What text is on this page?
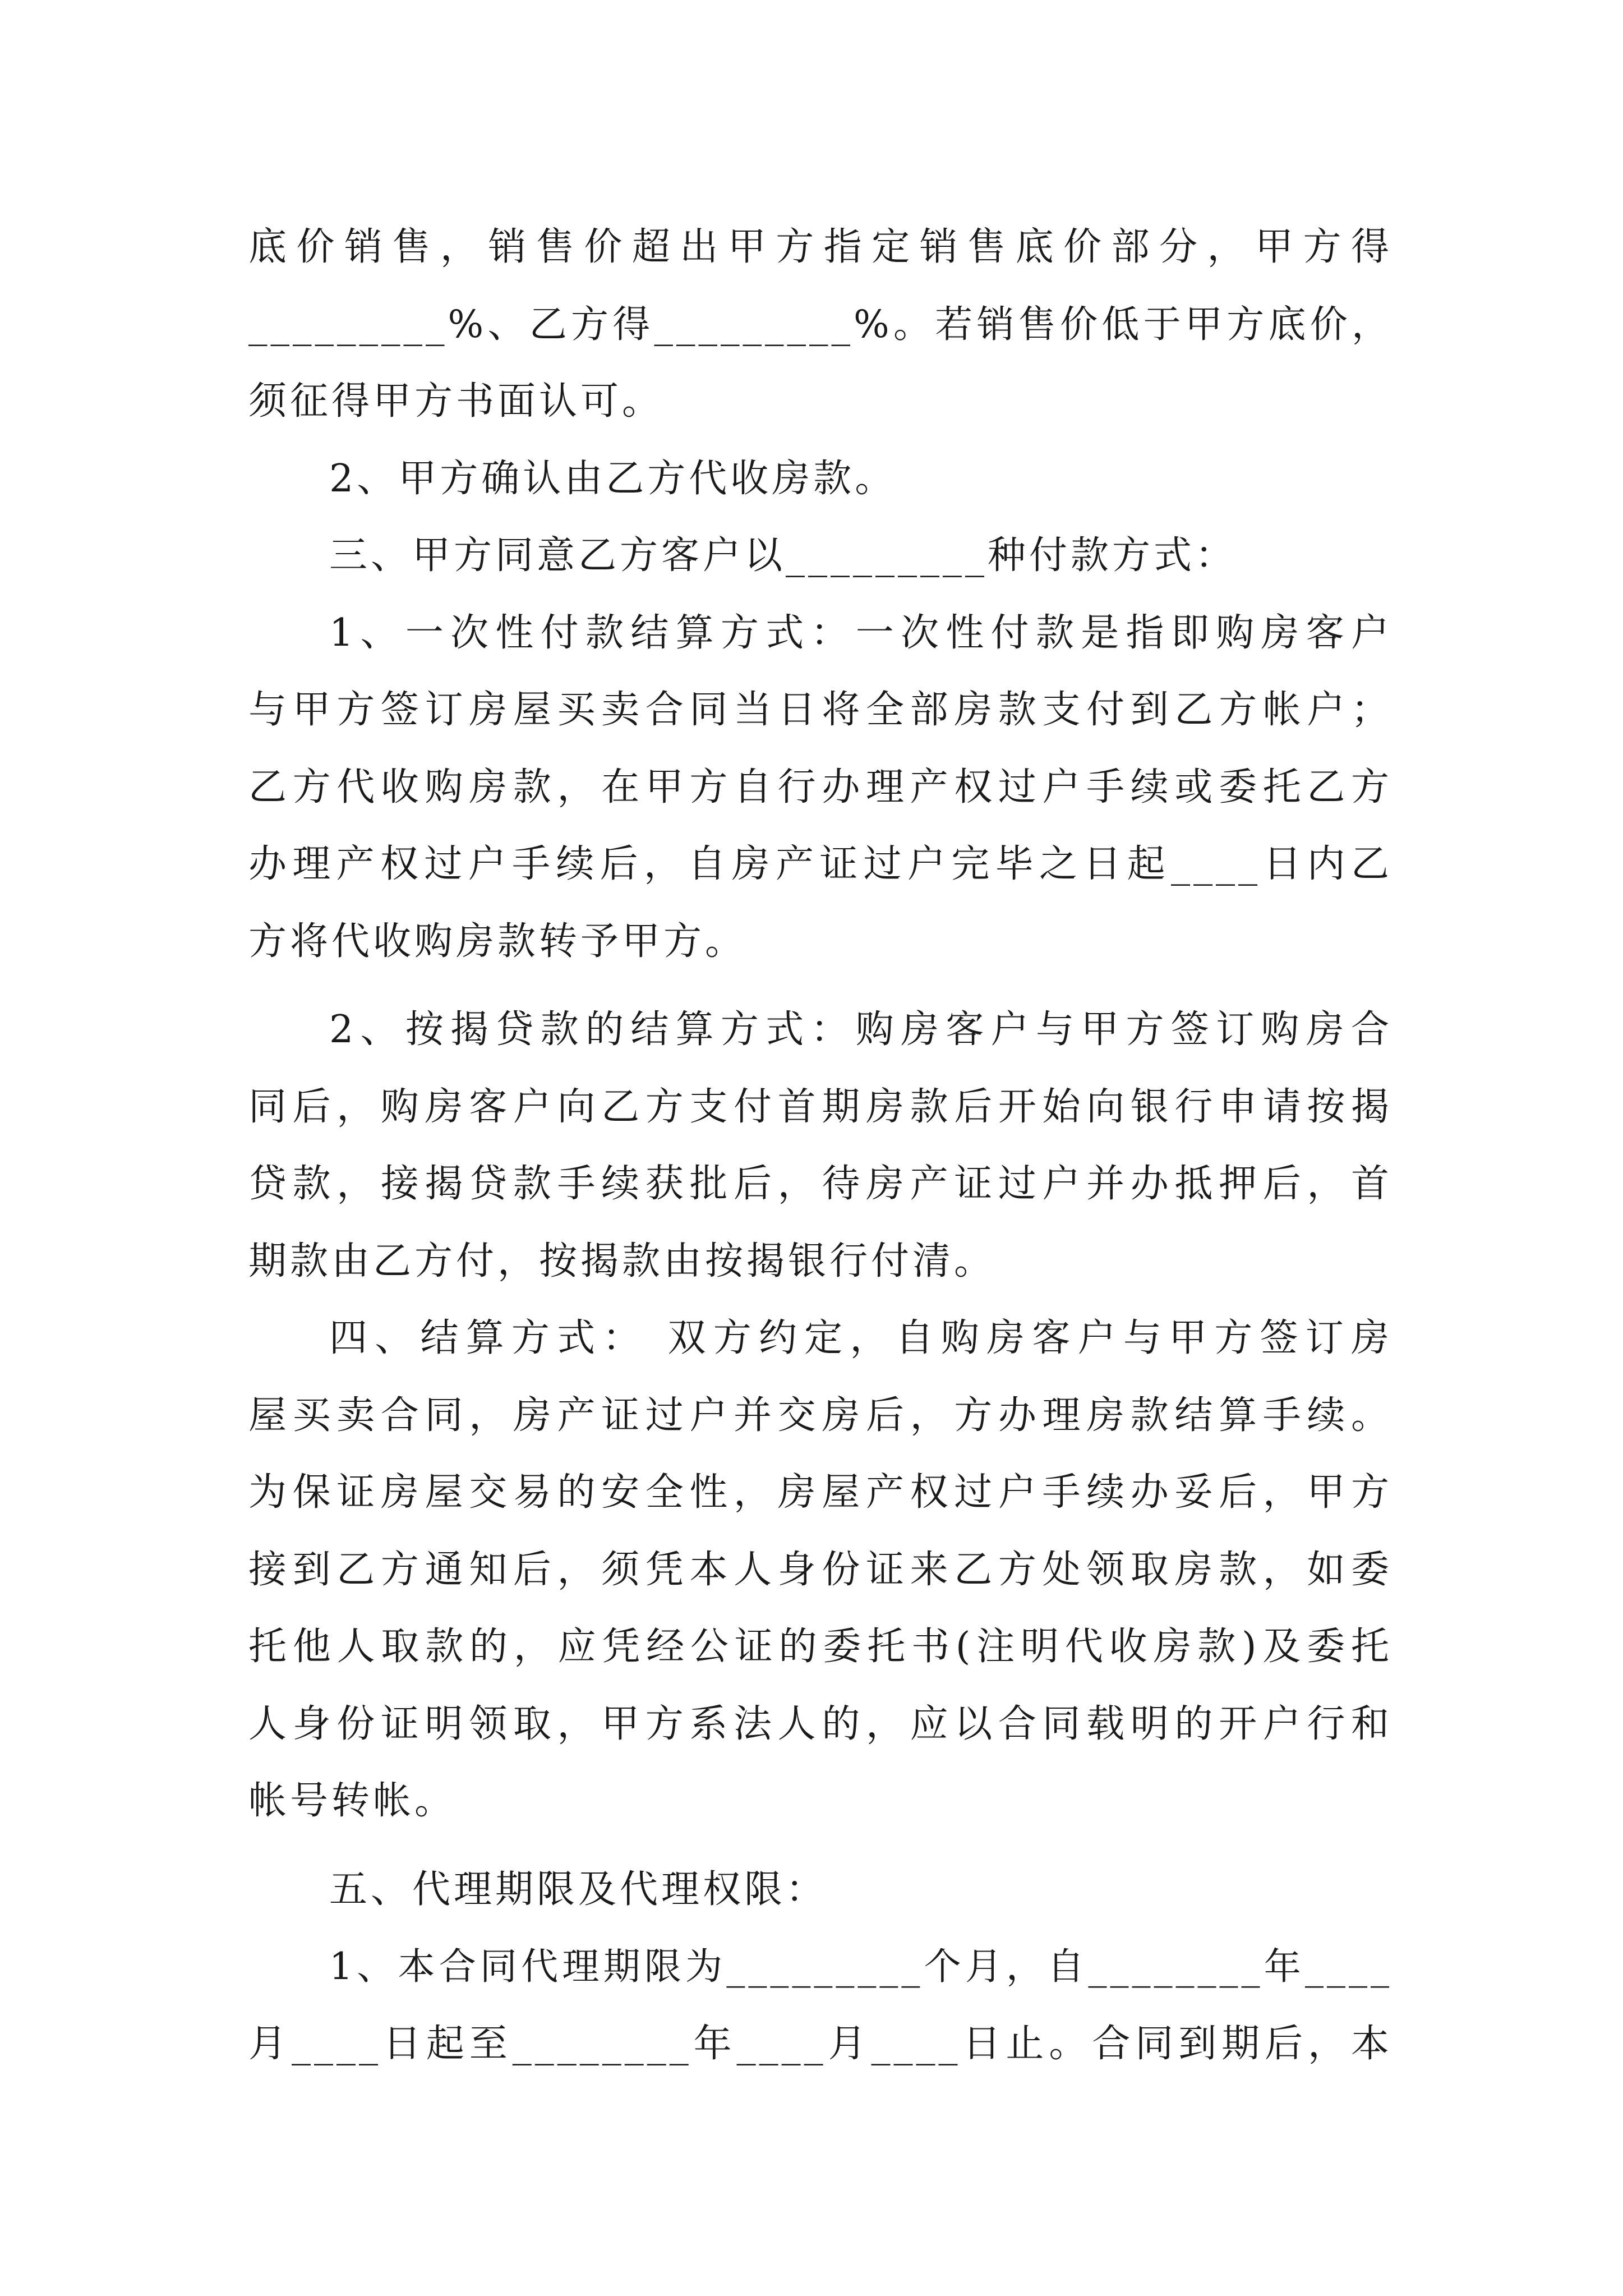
底价销售，销售价超出甲方指定销售底价部分，甲方得
_________%、乙方得_________%。若销售价低于甲方底价，
须征得甲方书面认可。
2、甲方确认由乙方代收房款。
三、甲方同意乙方客户以_________种付款方式：
1、一次性付款结算方式：一次性付款是指即购房客户
与甲方签订房屋买卖合同当日将全部房款支付到乙方帐户；
乙方代收购房款，在甲方自行办理产权过户手续或委托乙方
办理产权过户手续后，自房产证过户完毕之日起____日内乙
方将代收购房款转予甲方。
2、按揭贷款的结算方式：购房客户与甲方签订购房合
同后，购房客户向乙方支付首期房款后开始向银行申请按揭
贷款，接揭贷款手续获批后，待房产证过户并办抵押后，首
期款由乙方付，按揭款由按揭银行付清。
四、结算方式： 双方约定，自购房客户与甲方签订房
屋买卖合同，房产证过户并交房后，方办理房款结算手续。
为保证房屋交易的安全性，房屋产权过户手续办妥后，甲方
接到乙方通知后，须凭本人身份证来乙方处领取房款，如委
托他人取款的，应凭经公证的委托书(注明代收房款)及委托
人身份证明领取，甲方系法人的，应以合同载明的开户行和
帐号转帐。
五、代理期限及代理权限：
1、本合同代理期限为_________个月，自________年____
月____日起至________年____月____日止。合同到期后，本
